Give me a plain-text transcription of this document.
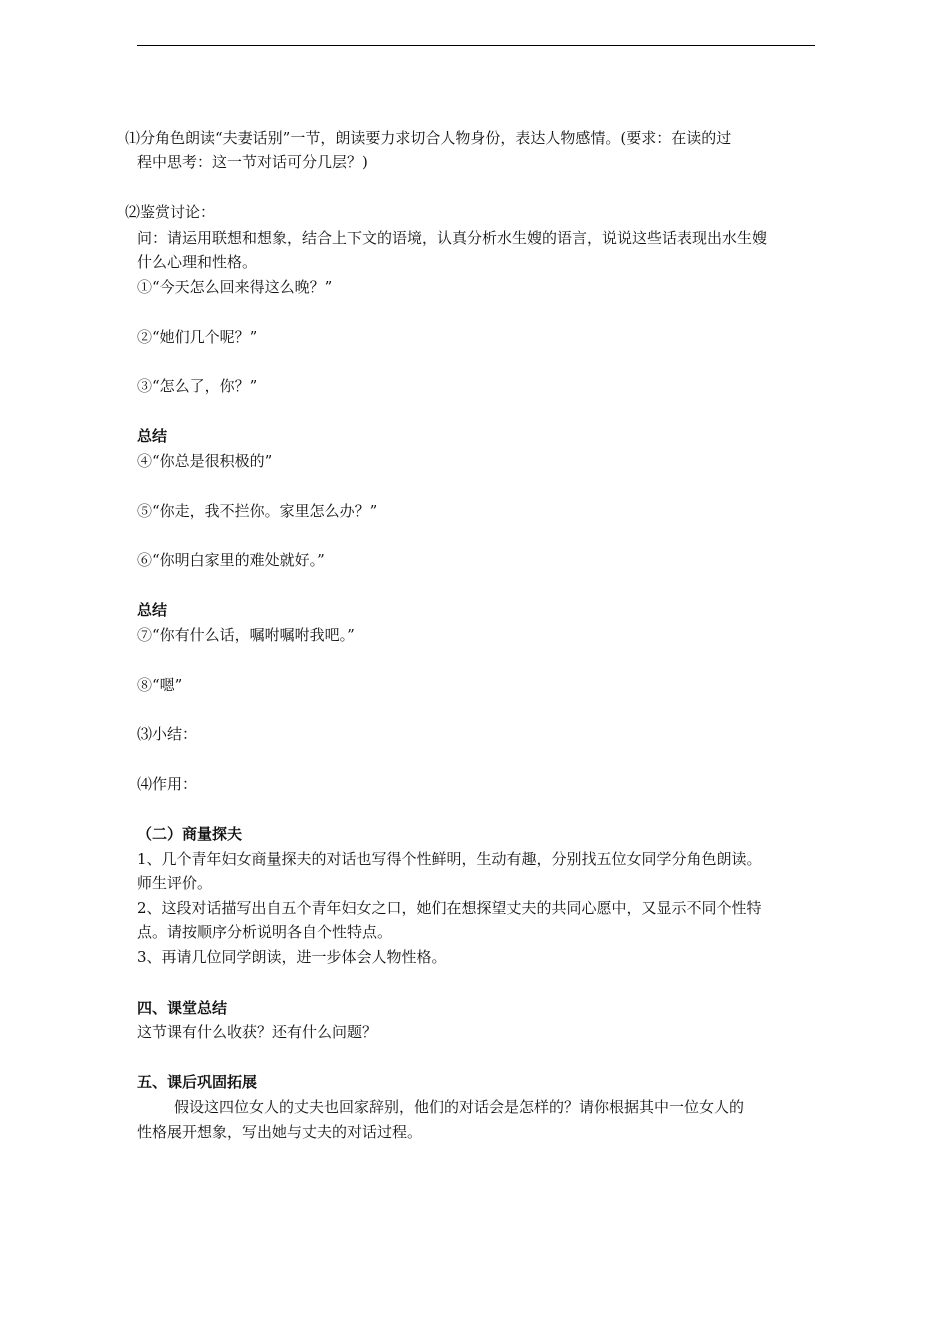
⑴分角色朗读“夫妻话别”一节，朗读要力求切合人物身份，表达人物感情。(要求：在读的过
程中思考：这一节对话可分几层？)
⑵鉴赏讨论：
问：请运用联想和想象，结合上下文的语境，认真分析水生嫂的语言，说说这些话表现出水生嫂
什么心理和性格。
①“今天怎么回来得这么晚？”
②“她们几个呢？”
③“怎么了，你？”
总结
④“你总是很积极的”
⑤“你走，我不拦你。家里怎么办？”
⑥“你明白家里的难处就好。”
总结
⑦“你有什么话，嘱咐嘱咐我吧。”
⑧“嗯”
⑶小结：
⑷作用：
（二）商量探夫
1、几个青年妇女商量探夫的对话也写得个性鲜明，生动有趣，分别找五位女同学分角色朗读。
师生评价。
2、这段对话描写出自五个青年妇女之口，她们在想探望丈夫的共同心愿中，又显示不同个性特
点。请按顺序分析说明各自个性特点。
3、再请几位同学朗读，进一步体会人物性格。
四、课堂总结
这节课有什么收获？还有什么问题？
五、课后巩固拓展
假设这四位女人的丈夫也回家辞别，他们的对话会是怎样的？请你根据其中一位女人的
性格展开想象，写出她与丈夫的对话过程。
